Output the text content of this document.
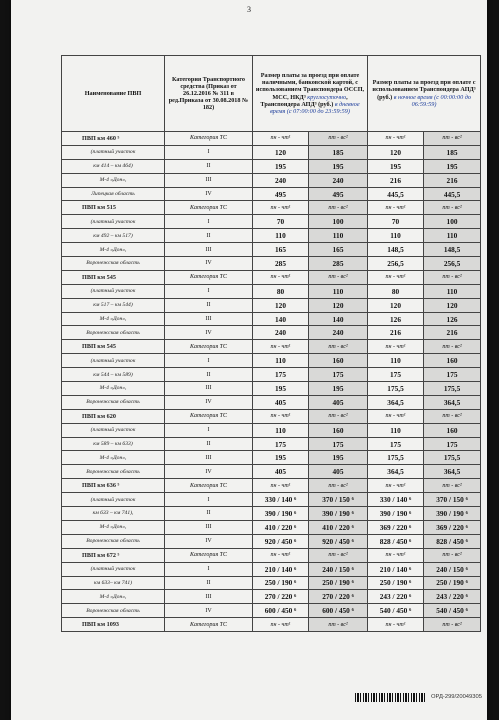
3
Наименование ПВП	Категория Транспортного средства (Приказ от 26.12.2016 № 311 в ред.Приказа от 30.08.2018 № 182)	Размер платы за проезд при оплате наличными, банковской картой, с использованием Транспондера ОССП, МСС, НКД³ круглосуточно, Транспондера АПД³ (руб.) в дневное время (с 07:00:00 до 23:59:59)		Размер платы за проезд при оплате с использованием Транспондера АПД³ (руб.) в ночное время (с 00:00:00 до 06:59:59)	
ПВП км 460 ⁵	Категория ТС	пн - чт¹	пт - вс²	пн - чт¹	пт - вс²
(платный участок	I	120	185	120	185
км 414 – км 464)	II	195	195	195	195
М-4 «Дон»,	III	240	240	216	216
Липецкая область	IV	495	495	445,5	445,5
ПВП км 515	Категория ТС	пн - чт¹	пт - вс²	пн - чт¹	пт - вс²
(платный участок	I	70	100	70	100
км 492 – км 517)	II	110	110	110	110
М-4 «Дон»,	III	165	165	148,5	148,5
Воронежская область	IV	285	285	256,5	256,5
ПВП км 545	Категория ТС	пн - чт¹	пт - вс²	пн - чт¹	пт - вс²
(платный участок	I	80	110	80	110
км 517 – км 544)	II	120	120	120	120
М-4 «Дон»,	III	140	140	126	126
Воронежская область	IV	240	240	216	216
ПВП км 545	Категория ТС	пн - чт¹	пт - вс²	пн - чт¹	пт - вс²
(платный участок	I	110	160	110	160
км 544 – км 589)	II	175	175	175	175
М-4 «Дон»,	III	195	195	175,5	175,5
Воронежская область	IV	405	405	364,5	364,5
ПВП км 620	Категория ТС	пн - чт¹	пт - вс²	пн - чт¹	пт - вс²
(платный участок	I	110	160	110	160
км 589 – км 633)	II	175	175	175	175
М-4 «Дон»,	III	195	195	175,5	175,5
Воронежская область	IV	405	405	364,5	364,5
ПВП км 636 ⁵	Категория ТС	пн - чт¹	пт - вс²	пн - чт¹	пт - вс²
(платный участок	I	330 / 140 ⁶	370 / 150 ⁶	330 / 140 ⁶	370 / 150 ⁶
км 633 – км 741),	II	390 / 190 ⁶	390 / 190 ⁶	390 / 190 ⁶	390 / 190 ⁶
М-4 «Дон»,	III	410 / 220 ⁶	410 / 220 ⁶	369 / 220 ⁶	369 / 220 ⁶
Воронежская область	IV	920 / 450 ⁶	920 / 450 ⁶	828 / 450 ⁶	828 / 450 ⁶
ПВП км 672 ⁵	Категория ТС	пн - чт¹	пт - вс²	пн - чт¹	пт - вс²
(платный участок	I	210 / 140 ⁶	240 / 150 ⁶	210 / 140 ⁶	240 / 150 ⁶
км 633– км 741)	II	250 / 190 ⁶	250 / 190 ⁶	250 / 190 ⁶	250 / 190 ⁶
М-4 «Дон»,	III	270 / 220 ⁶	270 / 220 ⁶	243 / 220 ⁶	243 / 220 ⁶
Воронежская область	IV	600 / 450 ⁶	600 / 450 ⁶	540 / 450 ⁶	540 / 450 ⁶
ПВП км 1093	Категория ТС	пн - чт¹	пт - вс²	пн - чт¹	пт - вс²
ОРД-299/20049305
